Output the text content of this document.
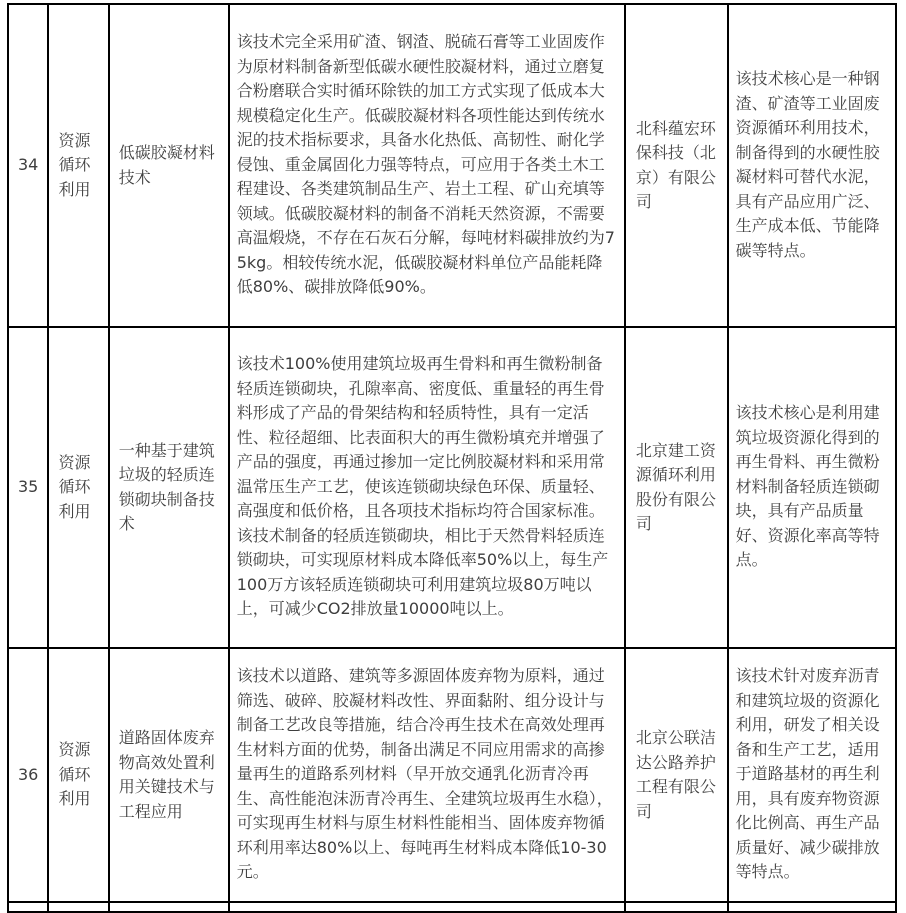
34	资源循环利用	低碳胶凝材料技术	该技术完全采用矿渣、钢渣、脱硫石膏等工业固废作为原材料制备新型低碳水硬性胶凝材料，通过立磨复合粉磨联合实时循环除铁的加工方式实现了低成本大规模稳定化生产。低碳胶凝材料各项性能达到传统水泥的技术指标要求，具备水化热低、高韧性、耐化学侵蚀、重金属固化力强等特点，可应用于各类土木工程建设、各类建筑制品生产、岩土工程、矿山充填等领域。低碳胶凝材料的制备不消耗天然资源，不需要高温煅烧，不存在石灰石分解，每吨材料碳排放约为75kg。相较传统水泥，低碳胶凝材料单位产品能耗降低80%、碳排放降低90%。	北科蕴宏环保科技（北京）有限公司	该技术核心是一种钢渣、矿渣等工业固废资源循环利用技术，制备得到的水硬性胶凝材料可替代水泥，具有产品应用广泛、生产成本低、节能降碳等特点。

35	资源循环利用	一种基于建筑垃圾的轻质连锁砌块制备技术	该技术100%使用建筑垃圾再生骨料和再生微粉制备轻质连锁砌块，孔隙率高、密度低、重量轻的再生骨料形成了产品的骨架结构和轻质特性，具有一定活性、粒径超细、比表面积大的再生微粉填充并增强了产品的强度，再通过掺加一定比例胶凝材料和采用常温常压生产工艺，使该连锁砌块绿色环保、质量轻、高强度和低价格，且各项技术指标均符合国家标准。该技术制备的轻质连锁砌块，相比于天然骨料轻质连锁砌块，可实现原材料成本降低率50%以上，每生产100万方该轻质连锁砌块可利用建筑垃圾80万吨以上，可减少CO2排放量10000吨以上。	北京建工资源循环利用股份有限公司	该技术核心是利用建筑垃圾资源化得到的再生骨料、再生微粉材料制备轻质连锁砌块，具有产品质量好、资源化率高等特点。

36	资源循环利用	道路固体废弃物高效处置利用关键技术与工程应用	该技术以道路、建筑等多源固体废弃物为原料，通过筛选、破碎、胶凝材料改性、界面黏附、组分设计与制备工艺改良等措施，结合冷再生技术在高效处理再生材料方面的优势，制备出满足不同应用需求的高掺量再生的道路系列材料（早开放交通乳化沥青冷再生、高性能泡沫沥青冷再生、全建筑垃圾再生水稳），可实现再生材料与原生材料性能相当、固体废弃物循环利用率达80%以上、每吨再生材料成本降低10-30元。	北京公联洁达公路养护工程有限公司	该技术针对废弃沥青和建筑垃圾的资源化利用，研发了相关设备和生产工艺，适用于道路基材的再生利用，具有废弃物资源化比例高、再生产品质量好、减少碳排放等特点。
